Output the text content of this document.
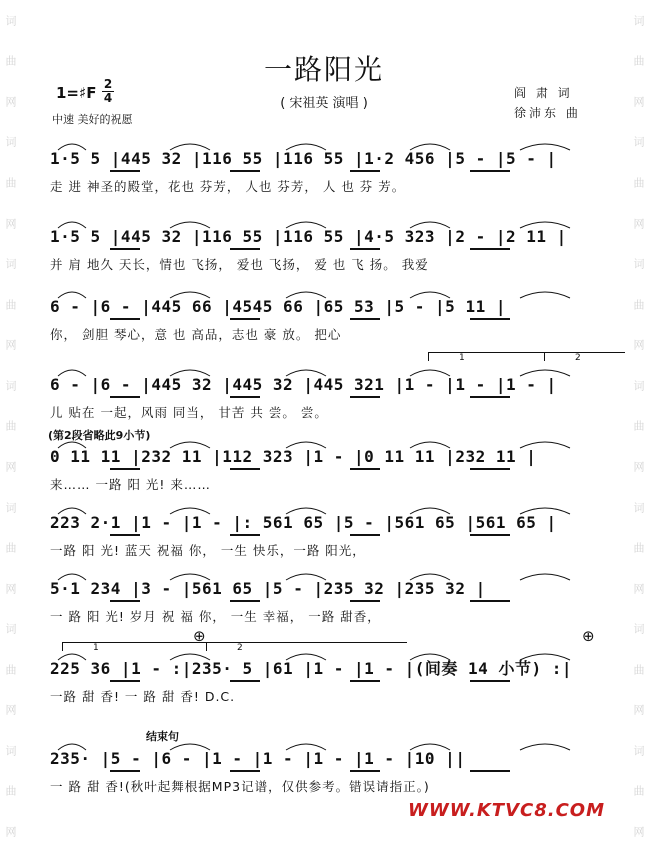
词
曲
网
词
曲
网
词
曲
网
词
曲
网
词
曲
网
词
曲
网
词
曲
网
词
曲
网
词
曲
网
词
曲
网
词
曲
网
词
曲
网
词
曲
网
词
曲
网
一路阳光
( 宋祖英 演唱 )
1=♯F 2
4
中速 美好的祝愿
阎 肃 词
徐沛东 曲
1·5 5 |445 32 |116 55 |116 55 |1·2 456 |5 - |5 - |
走 进 神圣的殿堂，花也 芬芳， 人也 芬芳， 人 也 芬 芳。
1·5 5 |445 32 |116 55 |116 55 |4·5 323 |2 - |2 11 |
并 肩 地久 天长，情也 飞扬， 爱也 飞扬， 爱 也 飞 扬。 我爱
6 - |6 - |445 66 |4545 66 |65 53 |5 - |5 11 |
你， 剑胆 琴心，意 也 高品，志也 豪 放。 把心
6 - |6 - |445 32 |445 32 |445 321 |1 - |1 - |1 - |
儿 贴在 一起，风雨 同当， 甘苦 共 尝。 尝。
0 11 11 |232 11 |112 323 |1 - |0 11 11 |232 11 |
来…… 一路 阳 光! 来……
223 2·1 |1 - |1 - |: 561 65 |5 - |561 65 |561 65 |
一路 阳 光! 蓝天 祝福 你， 一生 快乐，一路 阳光，
5·1 234 |3 - |561 65 |5 - |235 32 |235 32 |
一 路 阳 光! 岁月 祝 福 你， 一生 幸福， 一路 甜香，
225 36 |1 - :|235· 5 |61 |1 - |1 - |(间奏 14 小节) :|
一路 甜 香! 一 路 甜 香! D.C.
235· |5 - |6 - |1 - |1 - |1 - |1 - |10 ||
一 路 甜 香!(秋叶起舞根据MP3记谱，仅供参考。错误请指正。)
(第2段省略此9小节)
结束句
1	2
1	2
⊕	⊕
WWW.KTVC8.COM
